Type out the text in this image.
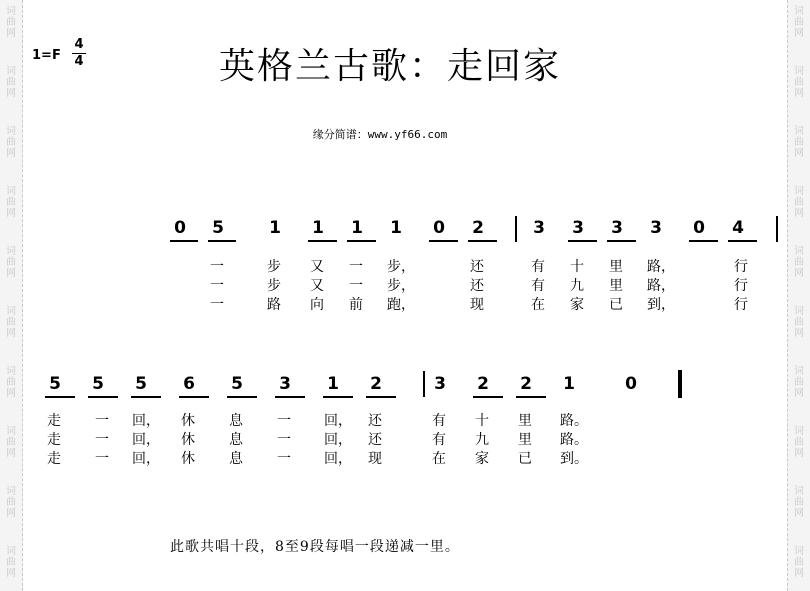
词
曲
网
词
曲
网
词
曲
网
词
曲
网
词
曲
网
词
曲
网
词
曲
网
词
曲
网
词
曲
网
词
曲
网
词
曲
网
词
曲
网
词
曲
网
词
曲
网
词
曲
网
词
曲
网
词
曲
网
词
曲
网
词
曲
网
词
曲
网
1=F
4
4	英格兰古歌：走回家
缘分简谱：www.yf66.com
0 5	1 1 1 1 0 2	3 3 3 3 0 4
一	步 又 一 步，	还	有 十 里 路，	行
一	步 又 一 步，	还	有 九 里 路，	行
一	路 向 前 跑，	现	在 家 已 到，	行
5 5 5 6 5 3 1 2	3 2 2 1	0
走 一 回， 休 息 一 回， 还	有 十 里 路。
走 一 回， 休 息 一 回， 还	有 九 里 路。
走 一 回， 休 息 一 回， 现	在 家 已 到。
此歌共唱十段，8至9段每唱一段递减一里。
